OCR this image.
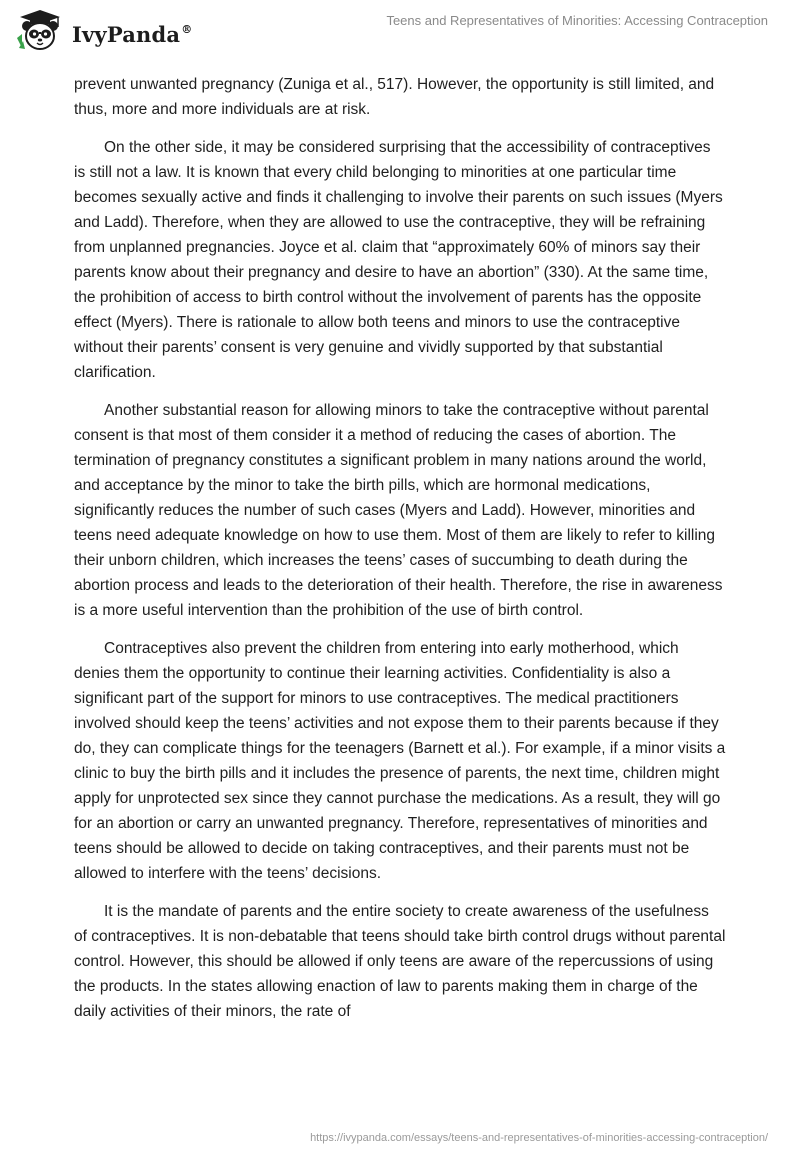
IvyPanda®
Teens and Representatives of Minorities: Accessing Contraception

prevent unwanted pregnancy (Zuniga et al., 517). However, the opportunity is still limited, and thus, more and more individuals are at risk.

On the other side, it may be considered surprising that the accessibility of contraceptives is still not a law. It is known that every child belonging to minorities at one particular time becomes sexually active and finds it challenging to involve their parents on such issues (Myers and Ladd). Therefore, when they are allowed to use the contraceptive, they will be refraining from unplanned pregnancies. Joyce et al. claim that “approximately 60% of minors say their parents know about their pregnancy and desire to have an abortion” (330). At the same time, the prohibition of access to birth control without the involvement of parents has the opposite effect (Myers). There is rationale to allow both teens and minors to use the contraceptive without their parents’ consent is very genuine and vividly supported by that substantial clarification.

Another substantial reason for allowing minors to take the contraceptive without parental consent is that most of them consider it a method of reducing the cases of abortion. The termination of pregnancy constitutes a significant problem in many nations around the world, and acceptance by the minor to take the birth pills, which are hormonal medications, significantly reduces the number of such cases (Myers and Ladd). However, minorities and teens need adequate knowledge on how to use them. Most of them are likely to refer to killing their unborn children, which increases the teens’ cases of succumbing to death during the abortion process and leads to the deterioration of their health. Therefore, the rise in awareness is a more useful intervention than the prohibition of the use of birth control.

Contraceptives also prevent the children from entering into early motherhood, which denies them the opportunity to continue their learning activities. Confidentiality is also a significant part of the support for minors to use contraceptives. The medical practitioners involved should keep the teens’ activities and not expose them to their parents because if they do, they can complicate things for the teenagers (Barnett et al.). For example, if a minor visits a clinic to buy the birth pills and it includes the presence of parents, the next time, children might apply for unprotected sex since they cannot purchase the medications. As a result, they will go for an abortion or carry an unwanted pregnancy. Therefore, representatives of minorities and teens should be allowed to decide on taking contraceptives, and their parents must not be allowed to interfere with the teens’ decisions.

It is the mandate of parents and the entire society to create awareness of the usefulness of contraceptives. It is non-debatable that teens should take birth control drugs without parental control. However, this should be allowed if only teens are aware of the repercussions of using the products. In the states allowing enaction of law to parents making them in charge of the daily activities of their minors, the rate of

https://ivypanda.com/essays/teens-and-representatives-of-minorities-accessing-contraception/
